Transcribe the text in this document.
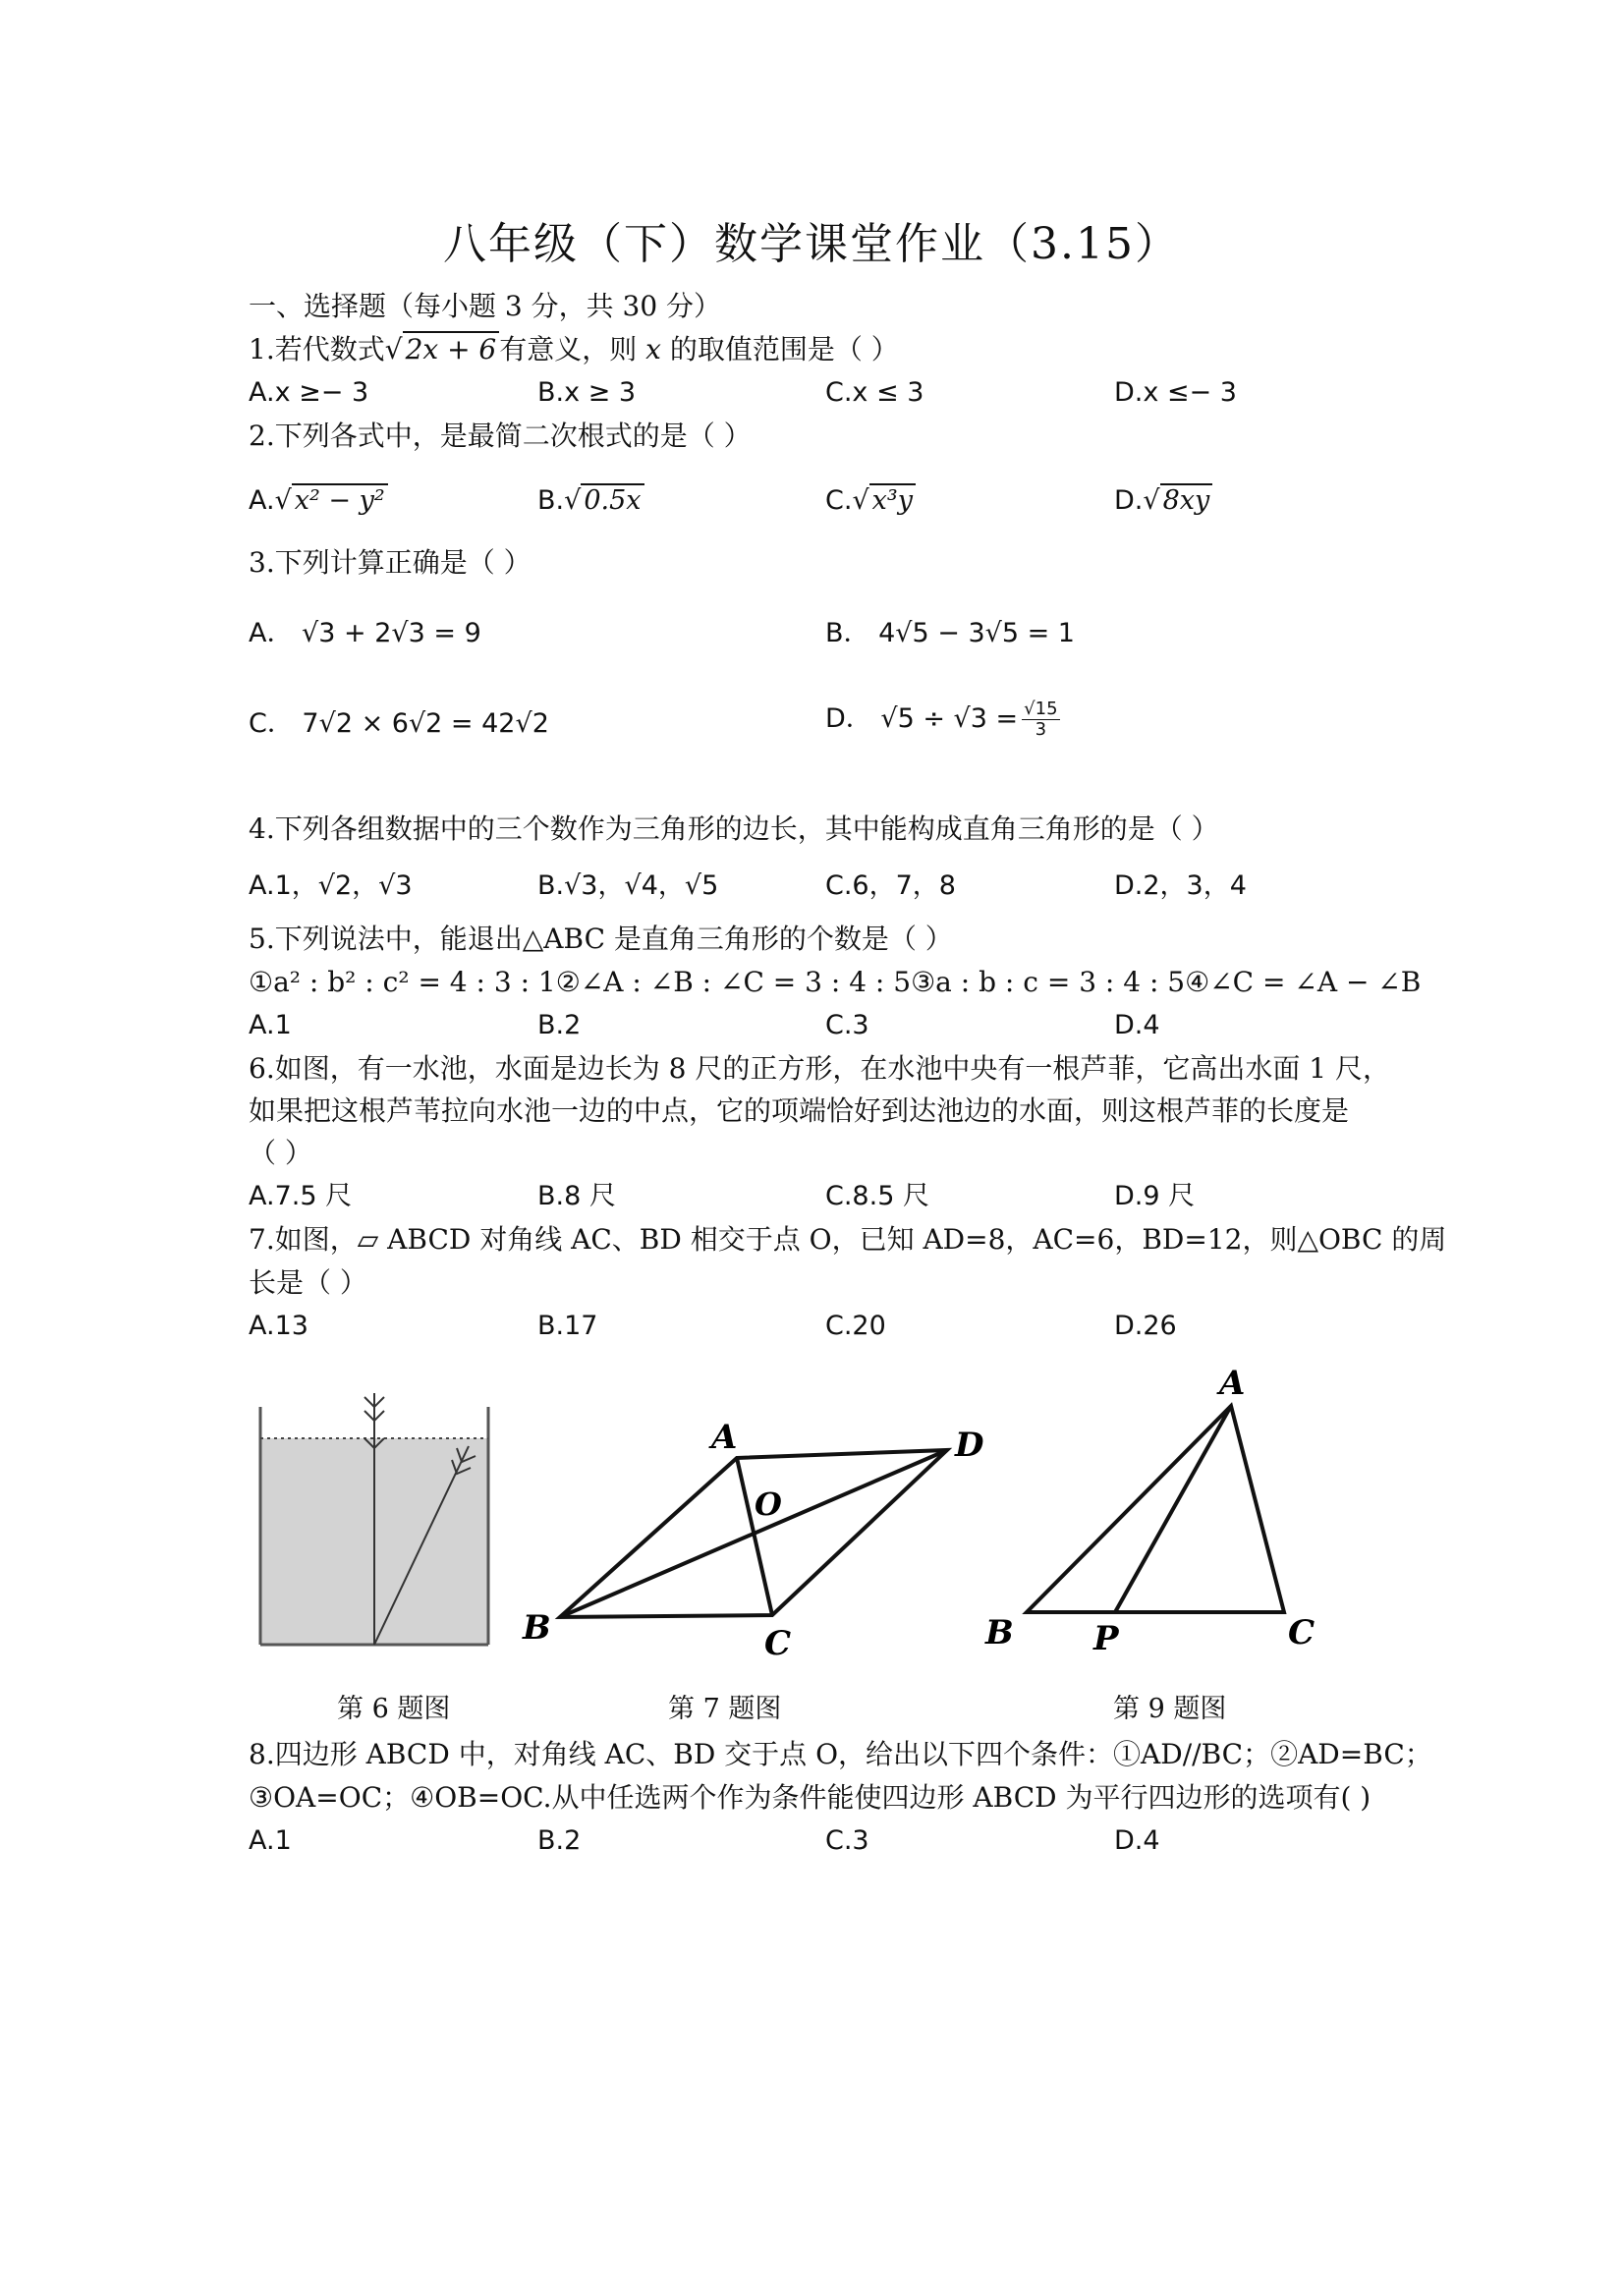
八年级（下）数学课堂作业（3.15）
一、选择题（每小题 3 分，共 30 分）
1.若代数式√ 2x + 6 有意义，则 x 的取值范围是（ ）
A.x ≥− 3	B.x ≥ 3	C.x ≤ 3	D.x ≤− 3
2.下列各式中，是最简二次根式的是（ ）
A.√ x² − y²	B.√ 0.5x	C.√ x³y	D.√ 8xy
3.下列计算正确是（ ）
A． √3 + 2√3 = 9	B． 4√5 − 3√5 = 1
C． 7√2 × 6√2 = 42√2	D． $√5 \div √3 = \frac{√15}{3}$
4.下列各组数据中的三个数作为三角形的边长，其中能构成直角三角形的是（ ）
A.1，√2，√3	B.√3，√4，√5	C.6，7，8	D.2，3，4
5.下列说法中，能退出△ABC 是直角三角形的个数是（ ）
①a² : b² : c² = 4 : 3 : 1②∠A : ∠B : ∠C = 3 : 4 : 5③a : b : c = 3 : 4 : 5④∠C = ∠A − ∠B
A.1	B.2	C.3	D.4
6.如图，有一水池，水面是边长为 8 尺的正方形，在水池中央有一根芦菲，它高出水面 1 尺，
如果把这根芦苇拉向水池一边的中点，它的项端恰好到达池边的水面，则这根芦菲的长度是
（ ）
A.7.5 尺	B.8 尺	C.8.5 尺	D.9 尺
7.如图，▱ ABCD 对角线 AC、BD 相交于点 O，已知 AD=8，AC=6，BD=12，则△OBC 的周
长是（ ）
A.13	B.17	C.20	D.26
A	D
O
B	C
A
B P	C
第 6 题图	第 7 题图	第 9 题图
8.四边形 ABCD 中，对角线 AC、BD 交于点 O，给出以下四个条件：①AD//BC；②AD=BC；
③OA=OC；④OB=OC.从中任选两个作为条件能使四边形 ABCD 为平行四边形的选项有( )
A.1	B.2	C.3	D.4
